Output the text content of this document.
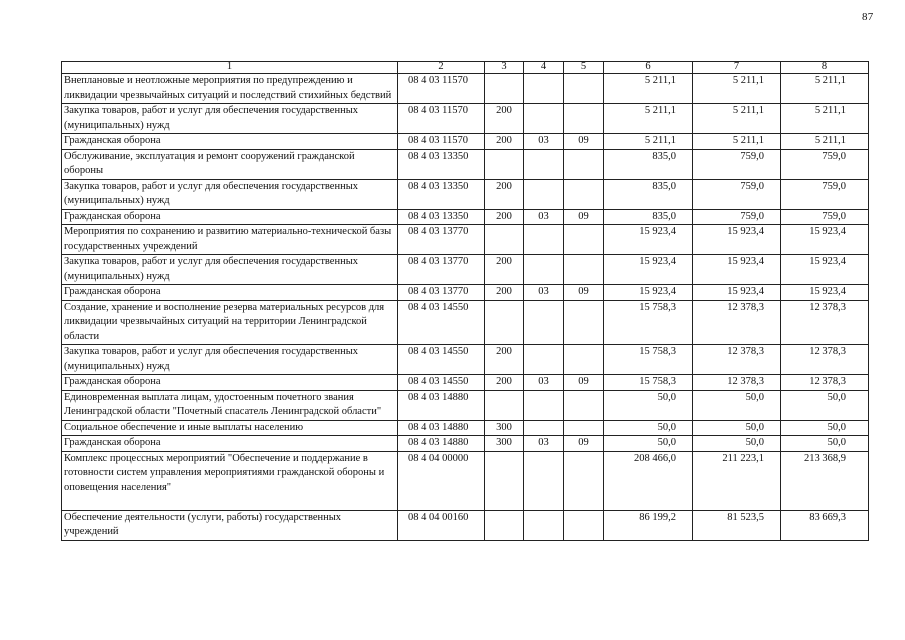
87
1	2	3	4	5	6	7	8
Внеплановые и неотложные мероприятия по предупреждению и ликвидации чрезвычайных ситуаций и последствий стихийных бедствий	08 4 03 11570				5 211,1	5 211,1	5 211,1
Закупка товаров, работ и услуг для обеспечения государственных (муниципальных) нужд	08 4 03 11570	200			5 211,1	5 211,1	5 211,1
Гражданская оборона	08 4 03 11570	200	03	09	5 211,1	5 211,1	5 211,1
Обслуживание, эксплуатация и ремонт сооружений гражданской обороны	08 4 03 13350				835,0	759,0	759,0
Закупка товаров, работ и услуг для обеспечения государственных (муниципальных) нужд	08 4 03 13350	200			835,0	759,0	759,0
Гражданская оборона	08 4 03 13350	200	03	09	835,0	759,0	759,0
Мероприятия по сохранению и развитию материально-технической базы государственных учреждений	08 4 03 13770				15 923,4	15 923,4	15 923,4
Закупка товаров, работ и услуг для обеспечения государственных (муниципальных) нужд	08 4 03 13770	200			15 923,4	15 923,4	15 923,4
Гражданская оборона	08 4 03 13770	200	03	09	15 923,4	15 923,4	15 923,4
Создание, хранение и восполнение резерва материальных ресурсов для ликвидации чрезвычайных ситуаций на территории Ленинградской области	08 4 03 14550				15 758,3	12 378,3	12 378,3
Закупка товаров, работ и услуг для обеспечения государственных (муниципальных) нужд	08 4 03 14550	200			15 758,3	12 378,3	12 378,3
Гражданская оборона	08 4 03 14550	200	03	09	15 758,3	12 378,3	12 378,3
Единовременная выплата лицам, удостоенным почетного звания Ленинградской области "Почетный спасатель Ленинградской области"	08 4 03 14880				50,0	50,0	50,0
Социальное обеспечение и иные выплаты населению	08 4 03 14880	300			50,0	50,0	50,0
Гражданская оборона	08 4 03 14880	300	03	09	50,0	50,0	50,0
Комплекс процессных мероприятий "Обеспечение и поддержание в готовности систем управления мероприятиями гражданской обороны и оповещения населения"	08 4 04 00000				208 466,0	211 223,1	213 368,9
Обеспечение деятельности (услуги, работы) государственных учреждений	08 4 04 00160				86 199,2	81 523,5	83 669,3
